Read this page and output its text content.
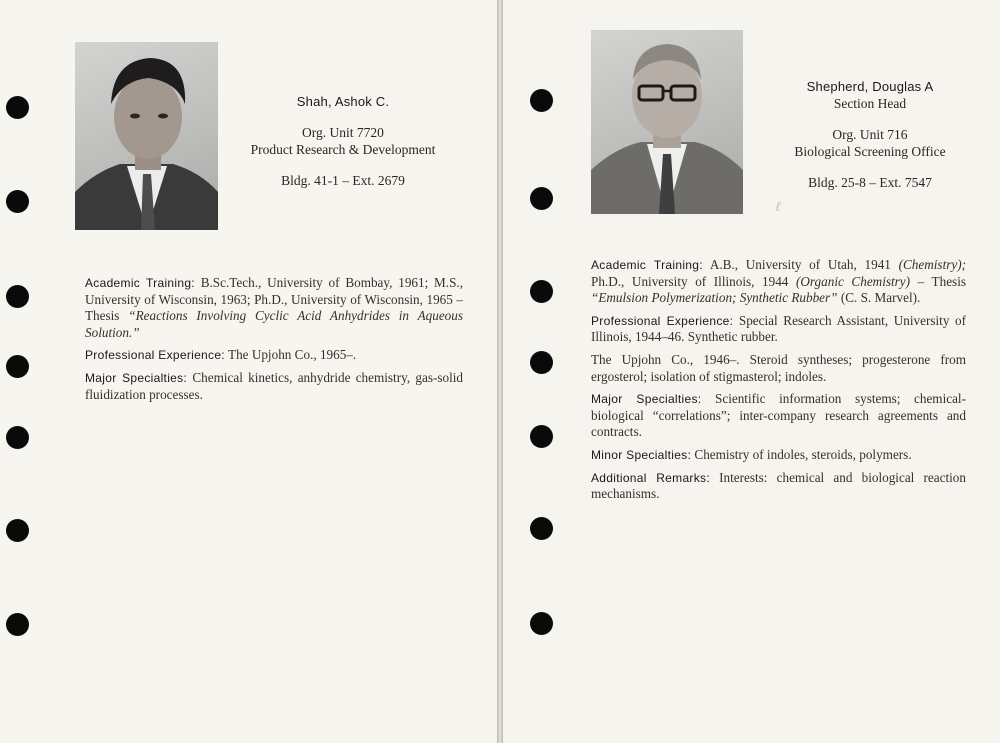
Shah, Ashok C.
Org. Unit 7720
Product Research & Development
Bldg. 41-1 – Ext. 2679

Academic Training: B.Sc.Tech., University of Bombay, 1961; M.S., University of Wisconsin, 1963; Ph.D., University of Wisconsin, 1965 – Thesis “Reactions Involving Cyclic Acid Anhydrides in Aqueous Solution.”

Professional Experience: The Upjohn Co., 1965–.

Major Specialties: Chemical kinetics, anhydride chemistry, gas-solid fluidization processes.

ℓ
Shepherd, Douglas A
Section Head
Org. Unit 716
Biological Screening Office
Bldg. 25-8 – Ext. 7547

Academic Training: A.B., University of Utah, 1941 (Chemistry); Ph.D., University of Illinois, 1944 (Organic Chemistry) – Thesis “Emulsion Polymerization; Synthetic Rubber” (C. S. Marvel).

Professional Experience: Special Research Assistant, University of Illinois, 1944–46. Synthetic rubber.

The Upjohn Co., 1946–. Steroid syntheses; progesterone from ergosterol; isolation of stigmasterol; indoles.

Major Specialties: Scientific information systems; chemical-biological “correlations”; inter-company research agreements and contracts.

Minor Specialties: Chemistry of indoles, steroids, polymers.

Additional Remarks: Interests: chemical and biological reaction mechanisms.
